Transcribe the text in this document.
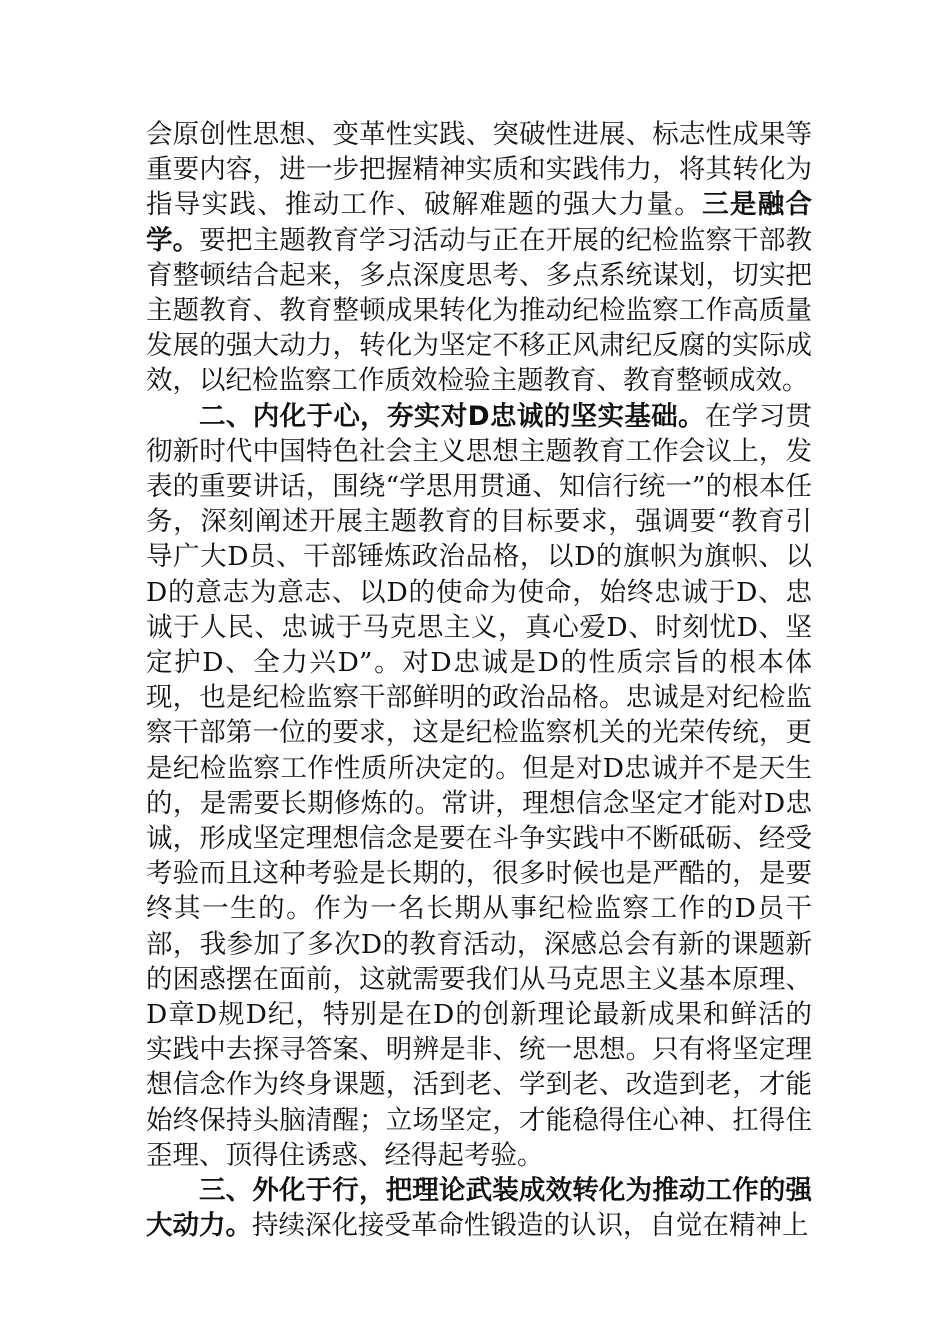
会原创性思想、变革性实践、突破性进展、标志性成果等重要内容，进一步把握精神实质和实践伟力，将其转化为指导实践、推动工作、破解难题的强大力量。三是融合学。要把主题教育学习活动与正在开展的纪检监察干部教育整顿结合起来，多点深度思考、多点系统谋划，切实把主题教育、教育整顿成果转化为推动纪检监察工作高质量发展的强大动力，转化为坚定不移正风肃纪反腐的实际成效，以纪检监察工作质效检验主题教育、教育整顿成效。

二、内化于心，夯实对D忠诚的坚实基础。在学习贯彻新时代中国特色社会主义思想主题教育工作会议上，发表的重要讲话，围绕“学思用贯通、知信行统一”的根本任务，深刻阐述开展主题教育的目标要求，强调要“教育引导广大D员、干部锤炼政治品格，以D的旗帜为旗帜、以D的意志为意志、以D的使命为使命，始终忠诚于D、忠诚于人民、忠诚于马克思主义，真心爱D、时刻忧D、坚定护D、全力兴D”。对D忠诚是D的性质宗旨的根本体现，也是纪检监察干部鲜明的政治品格。忠诚是对纪检监察干部第一位的要求，这是纪检监察机关的光荣传统，更是纪检监察工作性质所决定的。但是对D忠诚并不是天生的，是需要长期修炼的。常讲，理想信念坚定才能对D忠诚，形成坚定理想信念是要在斗争实践中不断砥砺、经受考验而且这种考验是长期的，很多时候也是严酷的，是要终其一生的。作为一名长期从事纪检监察工作的D员干部，我参加了多次D的教育活动，深感总会有新的课题新的困惑摆在面前，这就需要我们从马克思主义基本原理、D章D规D纪，特别是在D的创新理论最新成果和鲜活的实践中去探寻答案、明辨是非、统一思想。只有将坚定理想信念作为终身课题，活到老、学到老、改造到老，才能始终保持头脑清醒；立场坚定，才能稳得住心神、扛得住歪理、顶得住诱惑、经得起考验。

三、外化于行，把理论武装成效转化为推动工作的强大动力。持续深化接受革命性锻造的认识，自觉在精神上
